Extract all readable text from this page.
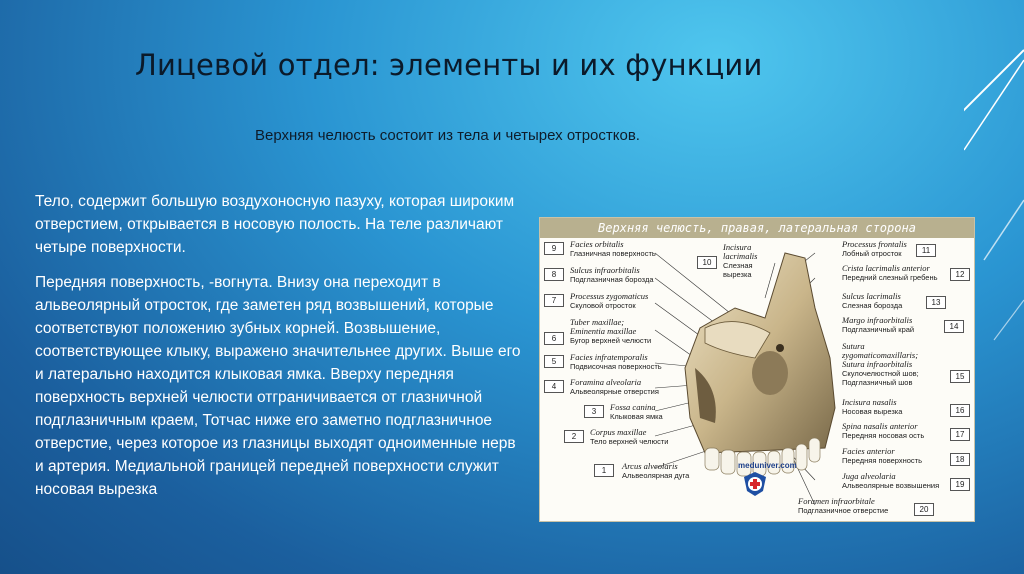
Лицевой отдел: элементы и их функции
Верхняя челюсть состоит из тела и четырех отростков.

Тело, содержит большую воздухоносную пазуху, которая широким отверстием, открывается в носовую полость. На теле различают четыре поверхности.

Передняя поверхность, -вогнута. Внизу она переходит в альвеолярный отросток, где заметен ряд возвышений, которые соответствуют положению зубных корней. Возвышение, соответствующее клыку, выражено значительнее других. Выше его и латерально находится клыковая ямка. Вверху передняя поверхность верхней челюсти отграничивается от глазничной подглазничным краем, Тотчас ниже его заметно подглазничное отверстие, через которое из глазницы выходят одноименные нерв и артерия. Медиальной границей передней поверхности служит носовая вырезка

Верхняя челюсть, правая, латеральная сторона
meduniver.com
9	Facies orbitalis
Глазничная поверхность
8	Sulcus infraorbitalis
Подглазничная борозда
7	Processus zygomaticus
Скуловой отросток
6
Tuber maxillae; Eminentia maxillae
Бугор верхней челюсти
5	Facies infratemporalis
Подвисочная поверхность
4	Foramina alveolaria
Альвеолярные отверстия
3	Fossa canina
Клыковая ямка
2	Corpus maxillae
Тело верхней челюсти
1	Arcus alveolaris
Альвеолярная дуга
10
Incisura lacrimalis
Слезная вырезка
Processus frontalis
Лобный отросток	11
Crista lacrimalis anterior
Передний слезный гребень	12
Sulcus lacrimalis
Слезная борозда	13
Margo infraorbitalis
Подглазничный край	14
Sutura zygomaticomaxillaris; Sutura infraorbitalis
Скулочелюстной шов; Подглазничный шов
15
Incisura nasalis
Носовая вырезка	16
Spina nasalis anterior
Передняя носовая ость	17
Facies anterior
Передняя поверхность	18
Juga alveolaria
Альвеолярные возвышения	19
Foramen infraorbitale
Подглазничное отверстие	20
